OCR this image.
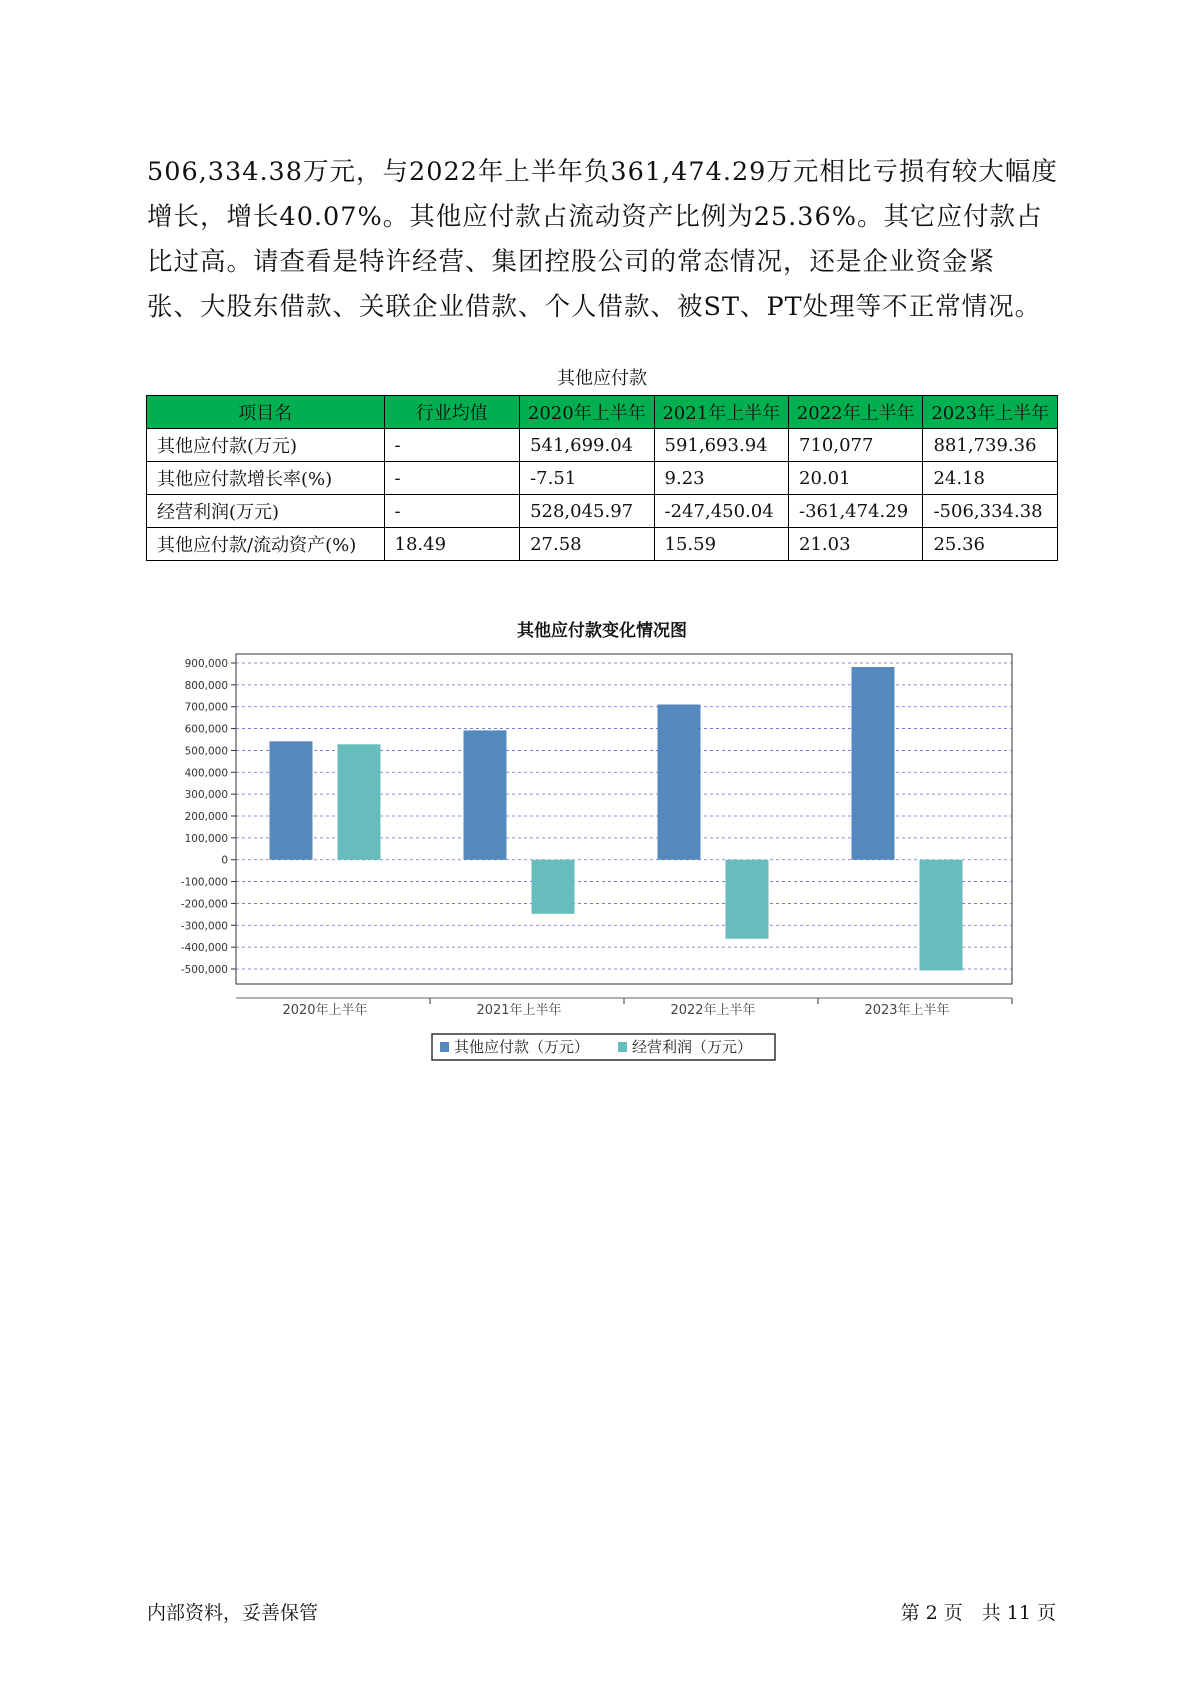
506,334.38万元，与2022年上半年负361,474.29万元相比亏损有较大幅度

增长，增长40.07%。其他应付款占流动资产比例为25.36%。其它应付款占

比过高。请查看是特许经营、集团控股公司的常态情况，还是企业资金紧

张、大股东借款、关联企业借款、个人借款、被ST、PT处理等不正常情况。

其他应付款
项目名	行业均值	2020年上半年	2021年上半年	2022年上半年	2023年上半年
其他应付款(万元)	-	541,699.04	591,693.94	710,077	881,739.36
其他应付款增长率(%)	-	-7.51	9.23	20.01	24.18
经营利润(万元)	-	528,045.97	-247,450.04	-361,474.29	-506,334.38
其他应付款/流动资产(%)	18.49	27.58	15.59	21.03	25.36
其他应付款变化情况图
900,000
800,000
700,000
600,000
500,000
400,000
300,000
200,000
100,000
0
-100,000
-200,000
-300,000
-400,000
-500,000
2020年上半年	2021年上半年	2022年上半年	2023年上半年
其他应付款（万元）	经营利润（万元）
内部资料，妥善保管	第 2 页　共 11 页
